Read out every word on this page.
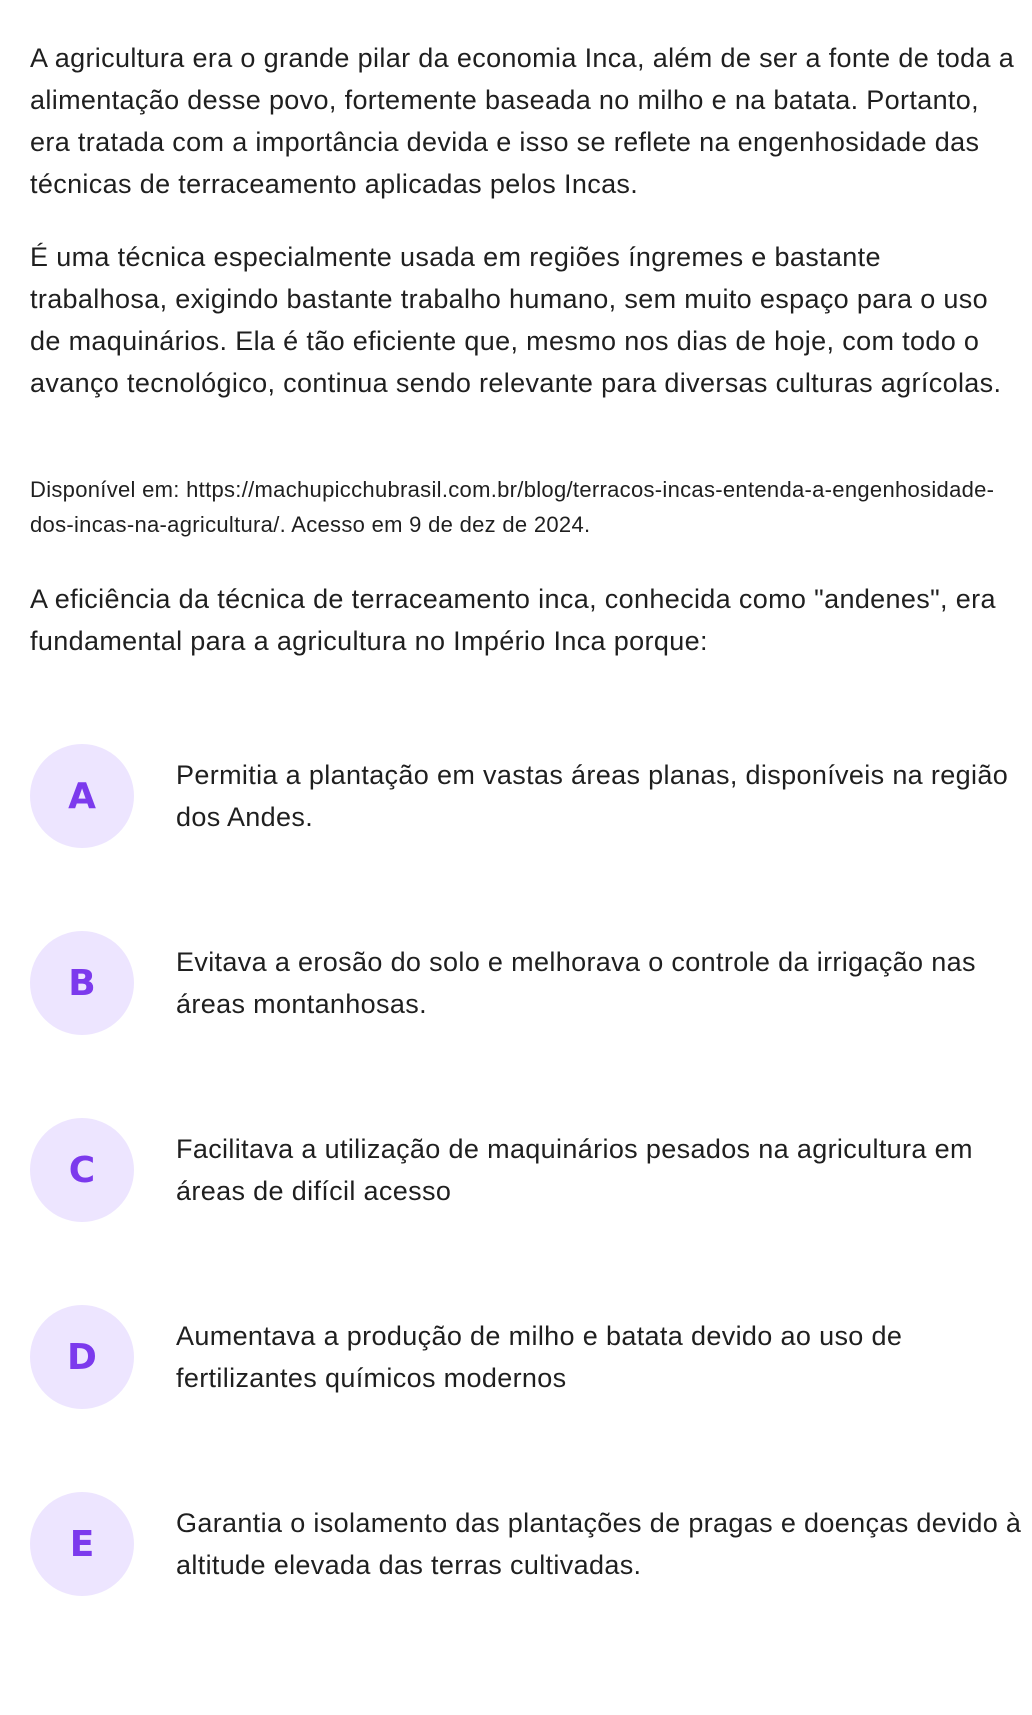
A agricultura era o grande pilar da economia Inca, além de ser a fonte de toda a alimentação desse povo, fortemente baseada no milho e na batata. Portanto, era tratada com a importância devida e isso se reflete na engenhosidade das técnicas de terraceamento aplicadas pelos Incas.

É uma técnica especialmente usada em regiões íngremes e bastante trabalhosa, exigindo bastante trabalho humano, sem muito espaço para o uso de maquinários. Ela é tão eficiente que, mesmo nos dias de hoje, com todo o avanço tecnológico, continua sendo relevante para diversas culturas agrícolas.

Disponível em: https://machupicchubrasil.com.br/blog/terracos-incas-entenda-a-engenhosidade-dos-incas-na-agricultura/. Acesso em 9 de dez de 2024.

A eficiência da técnica de terraceamento inca, conhecida como "andenes", era fundamental para a agricultura no Império Inca porque:

A
Permitia a plantação em vastas áreas planas, disponíveis na região dos Andes.
B
Evitava a erosão do solo e melhorava o controle da irrigação nas áreas montanhosas.
C
Facilitava a utilização de maquinários pesados na agricultura em áreas de difícil acesso
D
Aumentava a produção de milho e batata devido ao uso de fertilizantes químicos modernos
E
Garantia o isolamento das plantações de pragas e doenças devido à altitude elevada das terras cultivadas.
